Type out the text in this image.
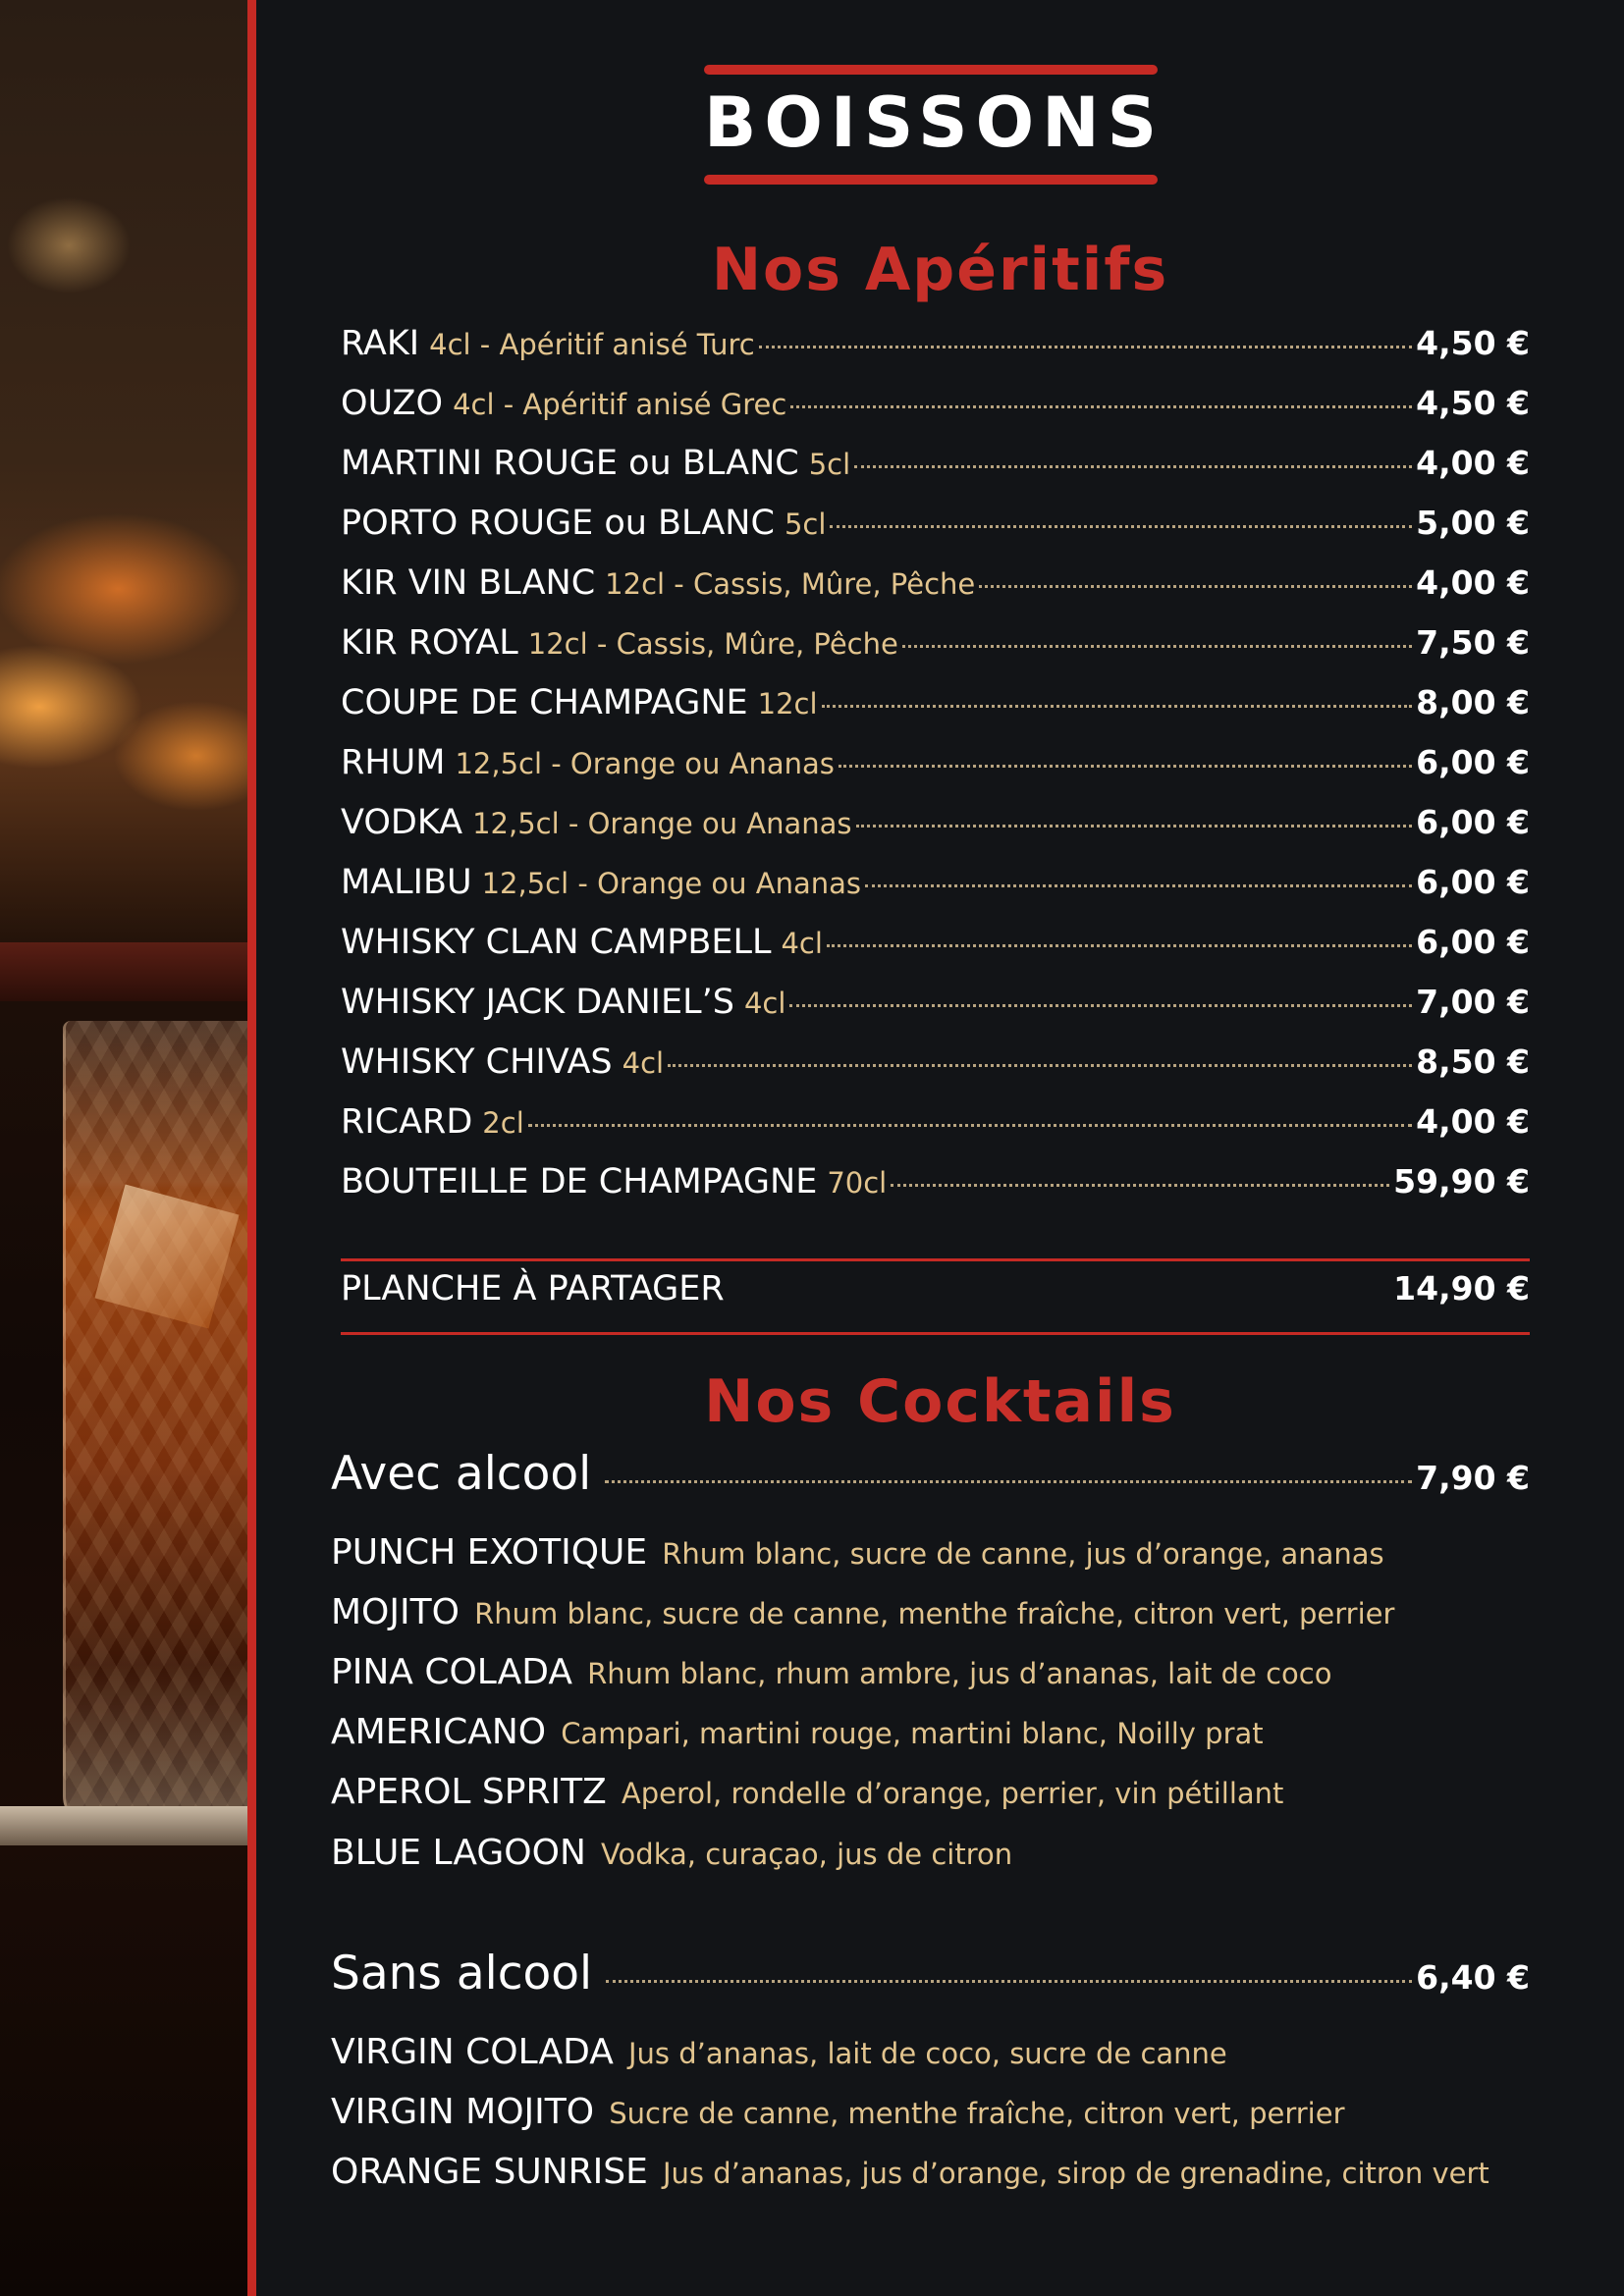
BOISSONS
Nos Apéritifs
RAKI 4cl - Apéritif anisé Turc	4,50 €
OUZO 4cl - Apéritif anisé Grec	4,50 €
MARTINI ROUGE ou BLANC 5cl	4,00 €
PORTO ROUGE ou BLANC 5cl	5,00 €
KIR VIN BLANC 12cl - Cassis, Mûre, Pêche	4,00 €
KIR ROYAL 12cl - Cassis, Mûre, Pêche	7,50 €
COUPE DE CHAMPAGNE 12cl	8,00 €
RHUM 12,5cl - Orange ou Ananas	6,00 €
VODKA 12,5cl - Orange ou Ananas	6,00 €
MALIBU 12,5cl - Orange ou Ananas	6,00 €
WHISKY CLAN CAMPBELL 4cl	6,00 €
WHISKY JACK DANIEL’S 4cl	7,00 €
WHISKY CHIVAS 4cl	8,50 €
RICARD 2cl	4,00 €
BOUTEILLE DE CHAMPAGNE 70cl	59,90 €
PLANCHE À PARTAGER	14,90 €
Nos Cocktails
Avec alcool	7,90 €
PUNCH EXOTIQUE Rhum blanc, sucre de canne, jus d’orange, ananas
MOJITO Rhum blanc, sucre de canne, menthe fraîche, citron vert, perrier
PINA COLADA Rhum blanc, rhum ambre, jus d’ananas, lait de coco
AMERICANO Campari, martini rouge, martini blanc, Noilly prat
APEROL SPRITZ Aperol, rondelle d’orange, perrier, vin pétillant
BLUE LAGOON Vodka, curaçao, jus de citron
Sans alcool	6,40 €
VIRGIN COLADA Jus d’ananas, lait de coco, sucre de canne
VIRGIN MOJITO Sucre de canne, menthe fraîche, citron vert, perrier
ORANGE SUNRISE Jus d’ananas, jus d’orange, sirop de grenadine, citron vert
